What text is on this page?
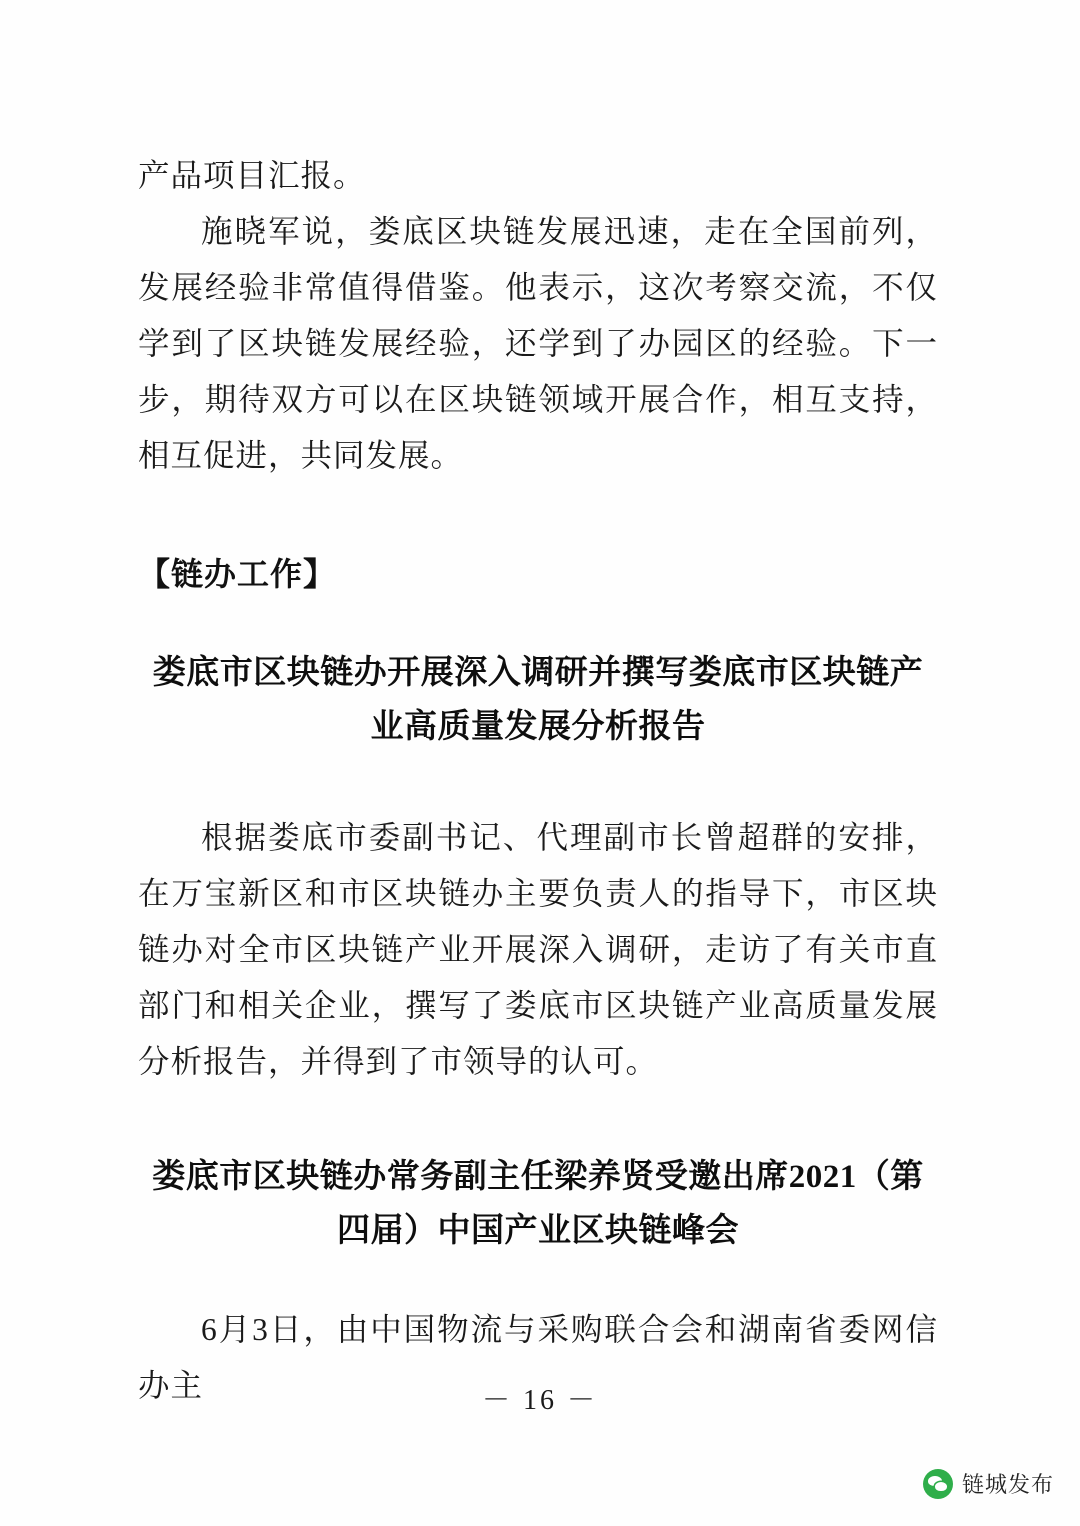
产品项目汇报。

施晓军说，娄底区块链发展迅速，走在全国前列，发展经验非常值得借鉴。他表示，这次考察交流，不仅学到了区块链发展经验，还学到了办园区的经验。下一步，期待双方可以在区块链领域开展合作，相互支持，相互促进，共同发展。

【链办工作】

娄底市区块链办开展深入调研并撰写娄底市区块链产业高质量发展分析报告

根据娄底市委副书记、代理副市长曾超群的安排，在万宝新区和市区块链办主要负责人的指导下，市区块链办对全市区块链产业开展深入调研，走访了有关市直部门和相关企业，撰写了娄底市区块链产业高质量发展分析报告，并得到了市领导的认可。

娄底市区块链办常务副主任梁养贤受邀出席2021（第四届）中国产业区块链峰会

6月3日，由中国物流与采购联合会和湖南省委网信办主	－ 16 －
链城发布
